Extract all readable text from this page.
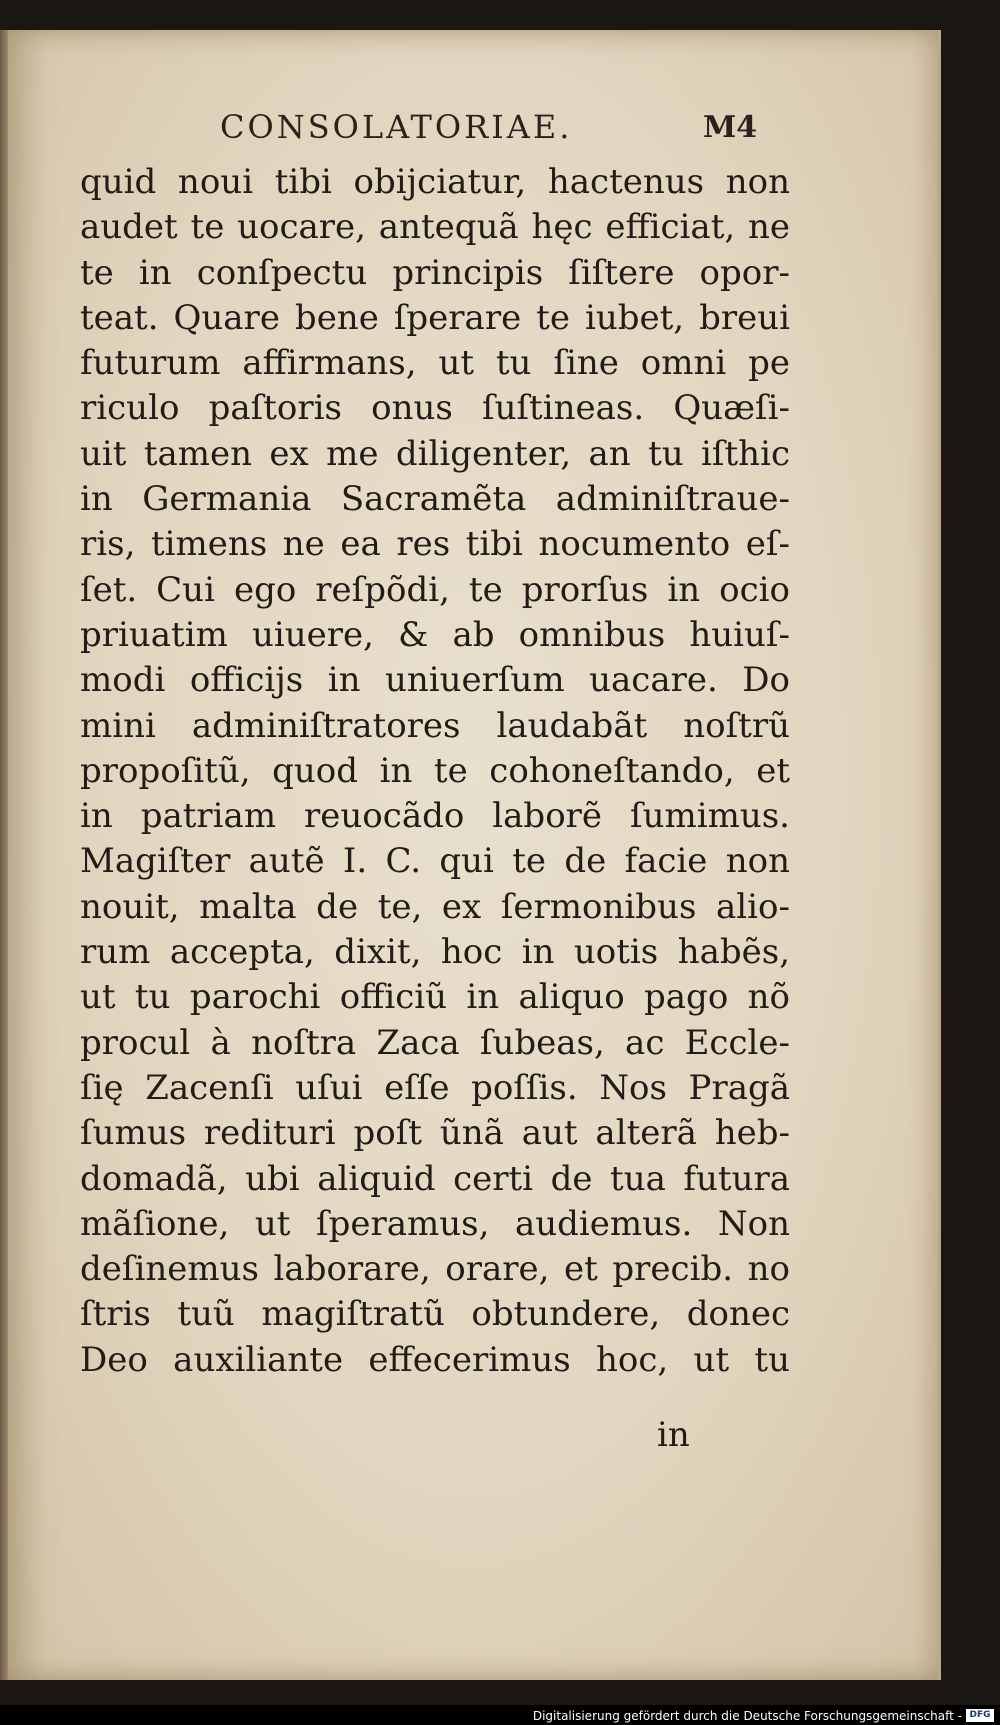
CONSOLATORIAE.	M4
quid noui tibi obijciatur, hactenus non
audet te uocare, antequã hęc efficiat, ne
te in conſpectu principis ſiſtere opor-
teat. Quare bene ſperare te iubet, breui
futurum affirmans, ut tu ſine omni pe
riculo paſtoris onus ſuſtineas. Quæſi-
uit tamen ex me diligenter, an tu iſthic
in Germania Sacramẽta adminiſtraue-
ris, timens ne ea res tibi nocumento eſ-
ſet. Cui ego reſpõdi, te prorſus in ocio
priuatim uiuere, & ab omnibus huiuſ-
modi officijs in uniuerſum uacare. Do
mini adminiſtratores laudabãt noſtrũ
propoſitũ, quod in te cohoneſtando, et
in patriam reuocãdo laborẽ ſumimus.
Magiſter autẽ I. C. qui te de facie non
nouit, malta de te, ex ſermonibus alio-
rum accepta, dixit, hoc in uotis habẽs,
ut tu parochi officiũ in aliquo pago nõ
procul à noſtra Zaca ſubeas, ac Eccle-
ſię Zacenſi uſui eſſe poſſis. Nos Pragã
ſumus redituri poſt ũnã aut alterã heb-
domadã, ubi aliquid certi de tua futura
mãſione, ut ſperamus, audiemus. Non
deſinemus laborare, orare, et precib. no
ſtris tuũ magiſtratũ obtundere, donec
Deo auxiliante effecerimus hoc, ut tu
in
Digitalisierung gefördert durch die Deutsche Forschungsgemeinschaft - DFG
